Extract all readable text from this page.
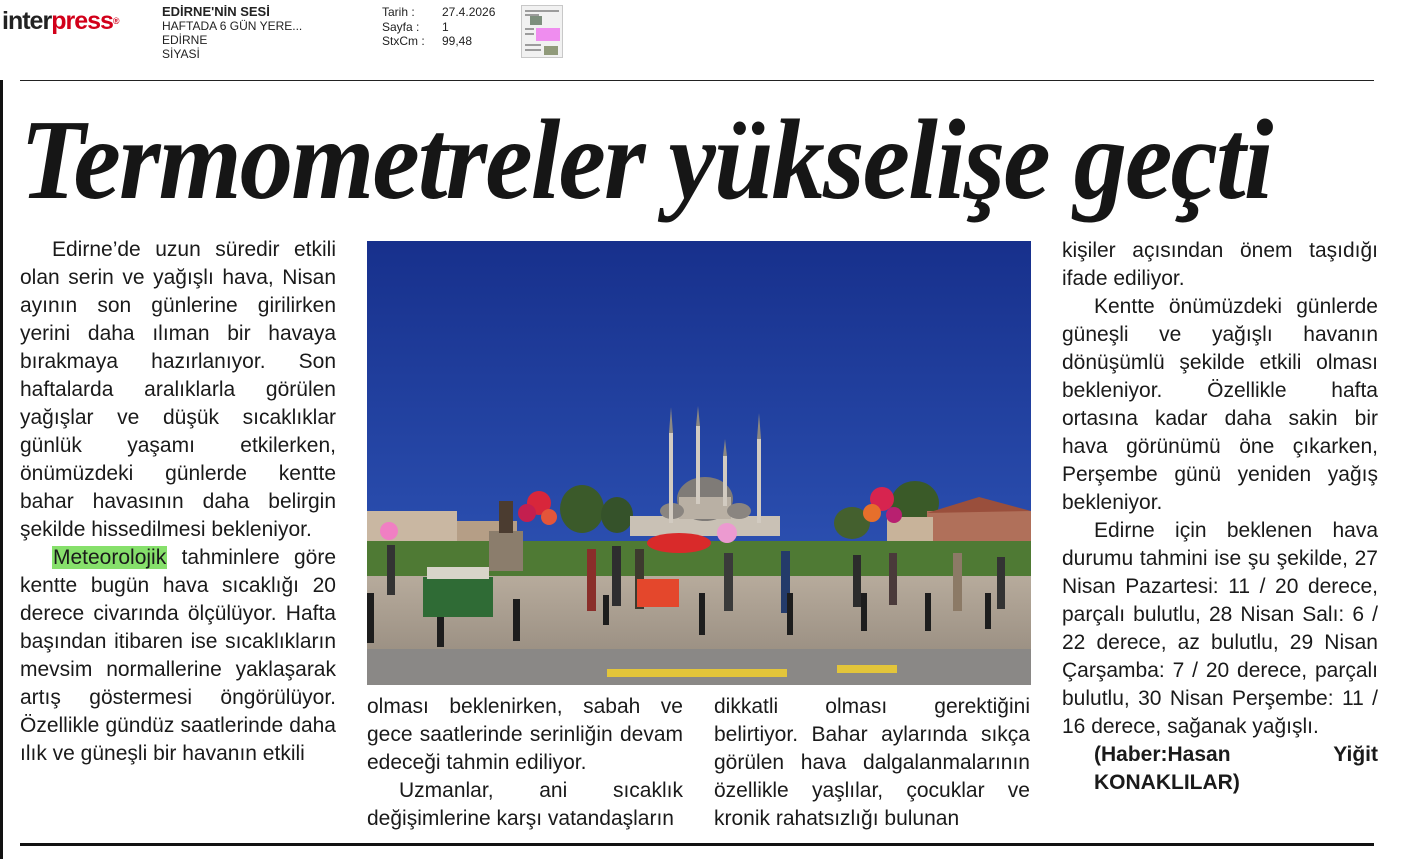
interpress®
EDİRNE'NİN SESİ
HAFTADA 6 GÜN YERE...
EDİRNE
SİYASİ
Tarih :	27.4.2026
Sayfa :	1
StxCm :	99,48
Termometreler yükselişe geçti

Edirne’de uzun süredir etkili olan serin ve yağışlı hava, Nisan ayının son günlerine girilirken yerini daha ılıman bir havaya bırakmaya hazırlanıyor. Son haftalarda aralıklarla görülen yağışlar ve düşük sıcaklıklar günlük yaşamı etkilerken, önümüzdeki günlerde kentte bahar havasının daha belirgin şekilde hissedilmesi bekleniyor.

Meteorolojik tahminlere göre kentte bugün hava sıcaklığı 20 derece civarında ölçülüyor. Hafta başından itibaren ise sıcaklıkların mevsim normallerine yaklaşarak artış göstermesi öngörülüyor. Özellikle gündüz saatlerinde daha ılık ve güneşli bir havanın etkili

olması beklenirken, sabah ve gece saatlerinde serinliğin devam edeceği tahmin ediliyor.

Uzmanlar, ani sıcaklık değişimlerine karşı vatandaşların

dikkatli olması gerektiğini belirtiyor. Bahar aylarında sıkça görülen hava dalgalanmalarının özellikle yaşlılar, çocuklar ve kronik rahatsızlığı bulunan

kişiler açısından önem taşıdığı ifade ediliyor.

Kentte önümüzdeki günlerde güneşli ve yağışlı havanın dönüşümlü şekilde etkili olması bekleniyor. Özellikle hafta ortasına kadar daha sakin bir hava görünümü öne çıkarken, Perşembe günü yeniden yağış bekleniyor.

Edirne için beklenen hava durumu tahmini ise şu şekilde, 27 Nisan Pazartesi: 11 / 20 derece, parçalı bulutlu, 28 Nisan Salı: 6 / 22 derece, az bulutlu, 29 Nisan Çarşamba: 7 / 20 derece, parçalı bulutlu, 30 Nisan Perşembe: 11 / 16 derece, sağanak yağışlı.

(Haber:Hasan Yiğit KONAKLILAR)
